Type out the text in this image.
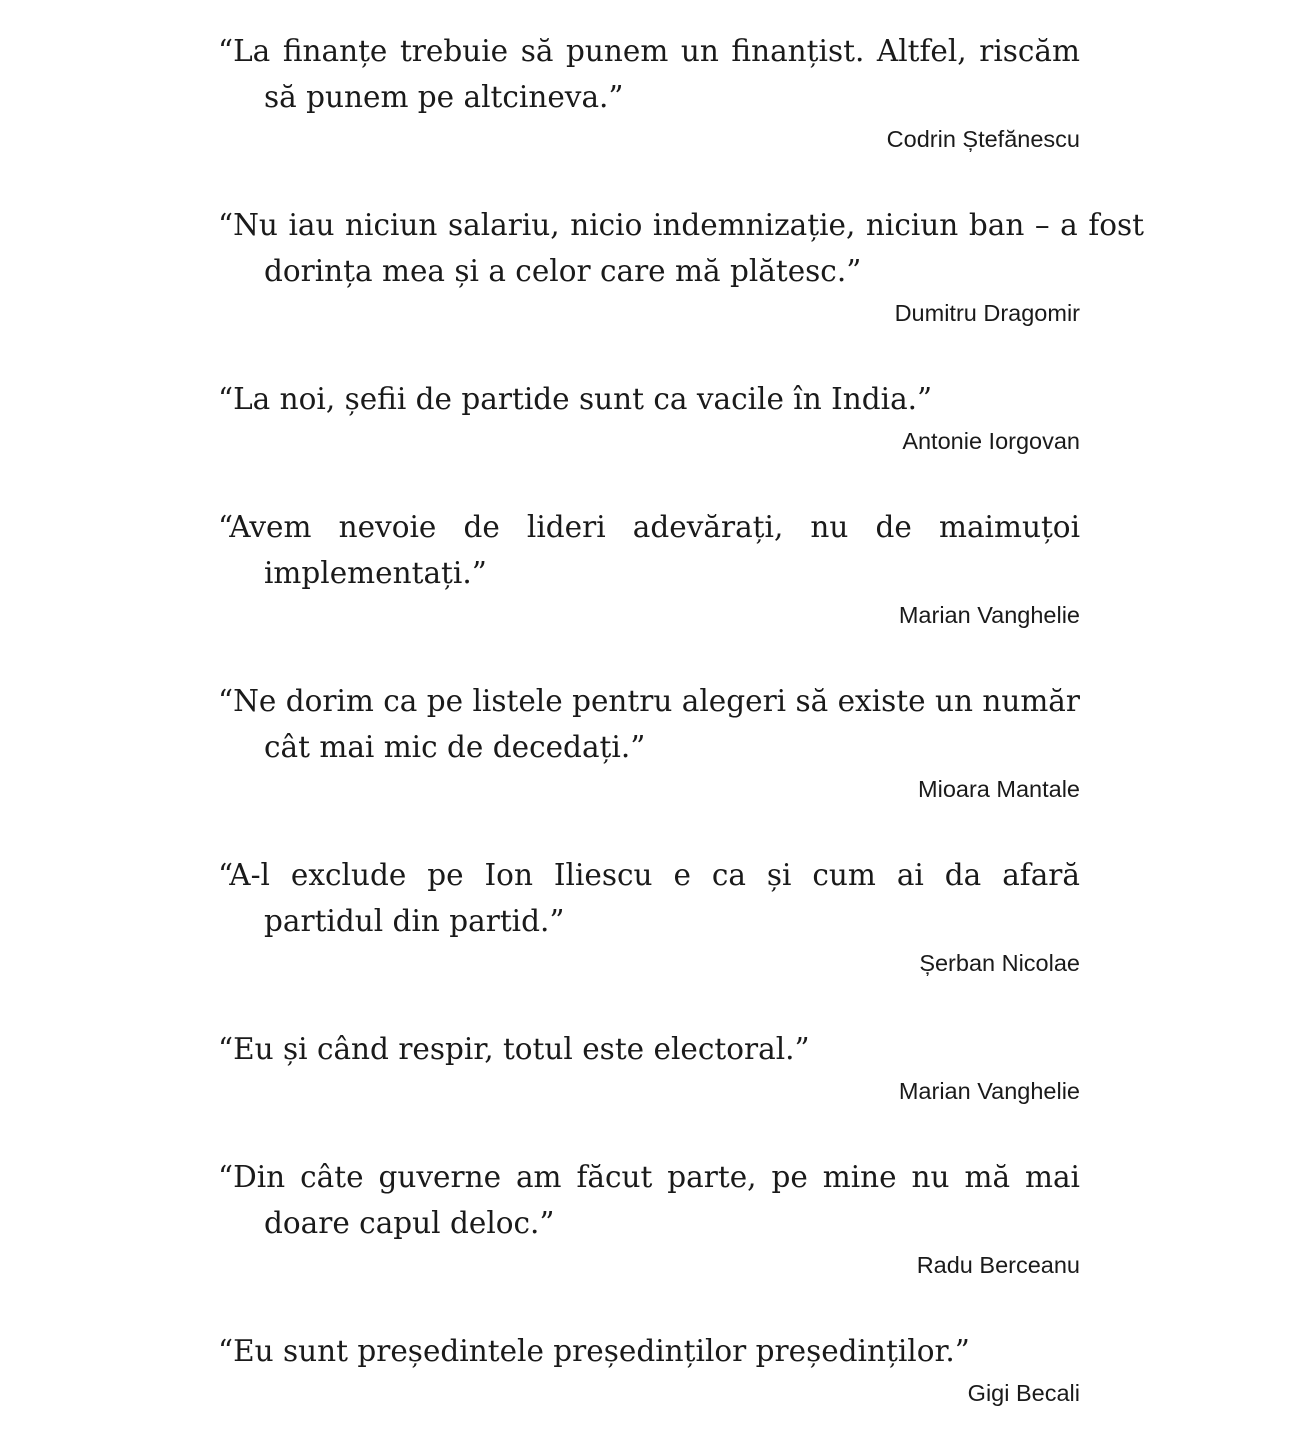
“La finanțe trebuie să punem un finanțist. Altfel, riscăm să punem pe altcineva.”

Codrin Ștefănescu

“Nu iau niciun salariu, nicio indemnizație, niciun ban – a fost dorința mea și a celor care mă plătesc.”

Dumitru Dragomir

“La noi, șefii de partide sunt ca vacile în India.”

Antonie Iorgovan

“Avem nevoie de lideri adevărați, nu de maimuțoi implementați.”

Marian Vanghelie

“Ne dorim ca pe listele pentru alegeri să existe un număr cât mai mic de decedați.”

Mioara Mantale

“A-l exclude pe Ion Iliescu e ca și cum ai da afară partidul din partid.”

Șerban Nicolae

“Eu și când respir, totul este electoral.”

Marian Vanghelie

“Din câte guverne am făcut parte, pe mine nu mă mai doare capul deloc.”

Radu Berceanu

“Eu sunt președintele președinților președinților.”

Gigi Becali
